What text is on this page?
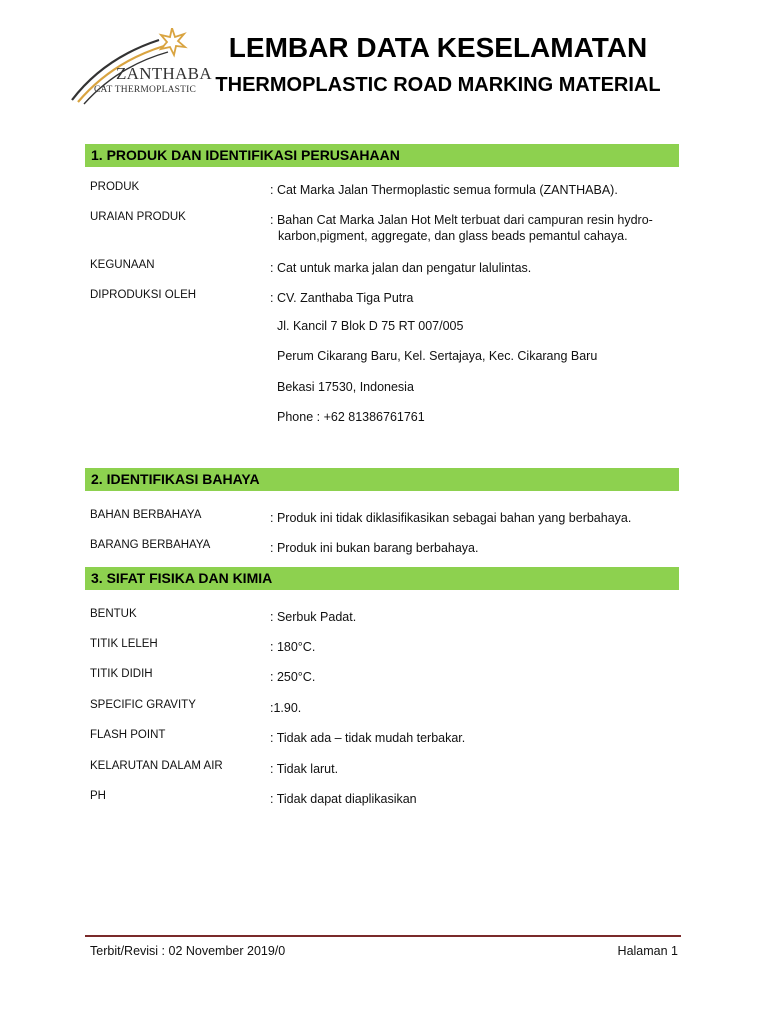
ZANTHABA
CAT THERMOPLASTIC
LEMBAR DATA KESELAMATAN
THERMOPLASTIC ROAD MARKING MATERIAL
1. PRODUK DAN IDENTIFIKASI PERUSAHAAN
PRODUK	: Cat Marka Jalan Thermoplastic semua formula (ZANTHABA).
URAIAN PRODUK	: Bahan Cat Marka Jalan Hot Melt terbuat dari campuran resin hydro-
karbon,pigment, aggregate, dan glass beads pemantul cahaya.
KEGUNAAN	: Cat untuk marka jalan dan pengatur lalulintas.
DIPRODUKSI OLEH	: CV. Zanthaba Tiga Putra
Jl. Kancil 7 Blok D 75 RT 007/005
Perum Cikarang Baru, Kel. Sertajaya, Kec. Cikarang Baru
Bekasi 17530, Indonesia
Phone : +62 81386761761
2. IDENTIFIKASI BAHAYA
BAHAN BERBAHAYA	: Produk ini tidak diklasifikasikan sebagai bahan yang berbahaya.
BARANG BERBAHAYA	: Produk ini bukan barang berbahaya.
3. SIFAT FISIKA DAN KIMIA
BENTUK	: Serbuk Padat.
TITIK LELEH	: 180°C.
TITIK DIDIH	: 250°C.
SPECIFIC GRAVITY	:1.90.
FLASH POINT	: Tidak ada – tidak mudah terbakar.
KELARUTAN DALAM AIR	: Tidak larut.
PH	: Tidak dapat diaplikasikan
Terbit/Revisi : 02 November 2019/0	Halaman 1
